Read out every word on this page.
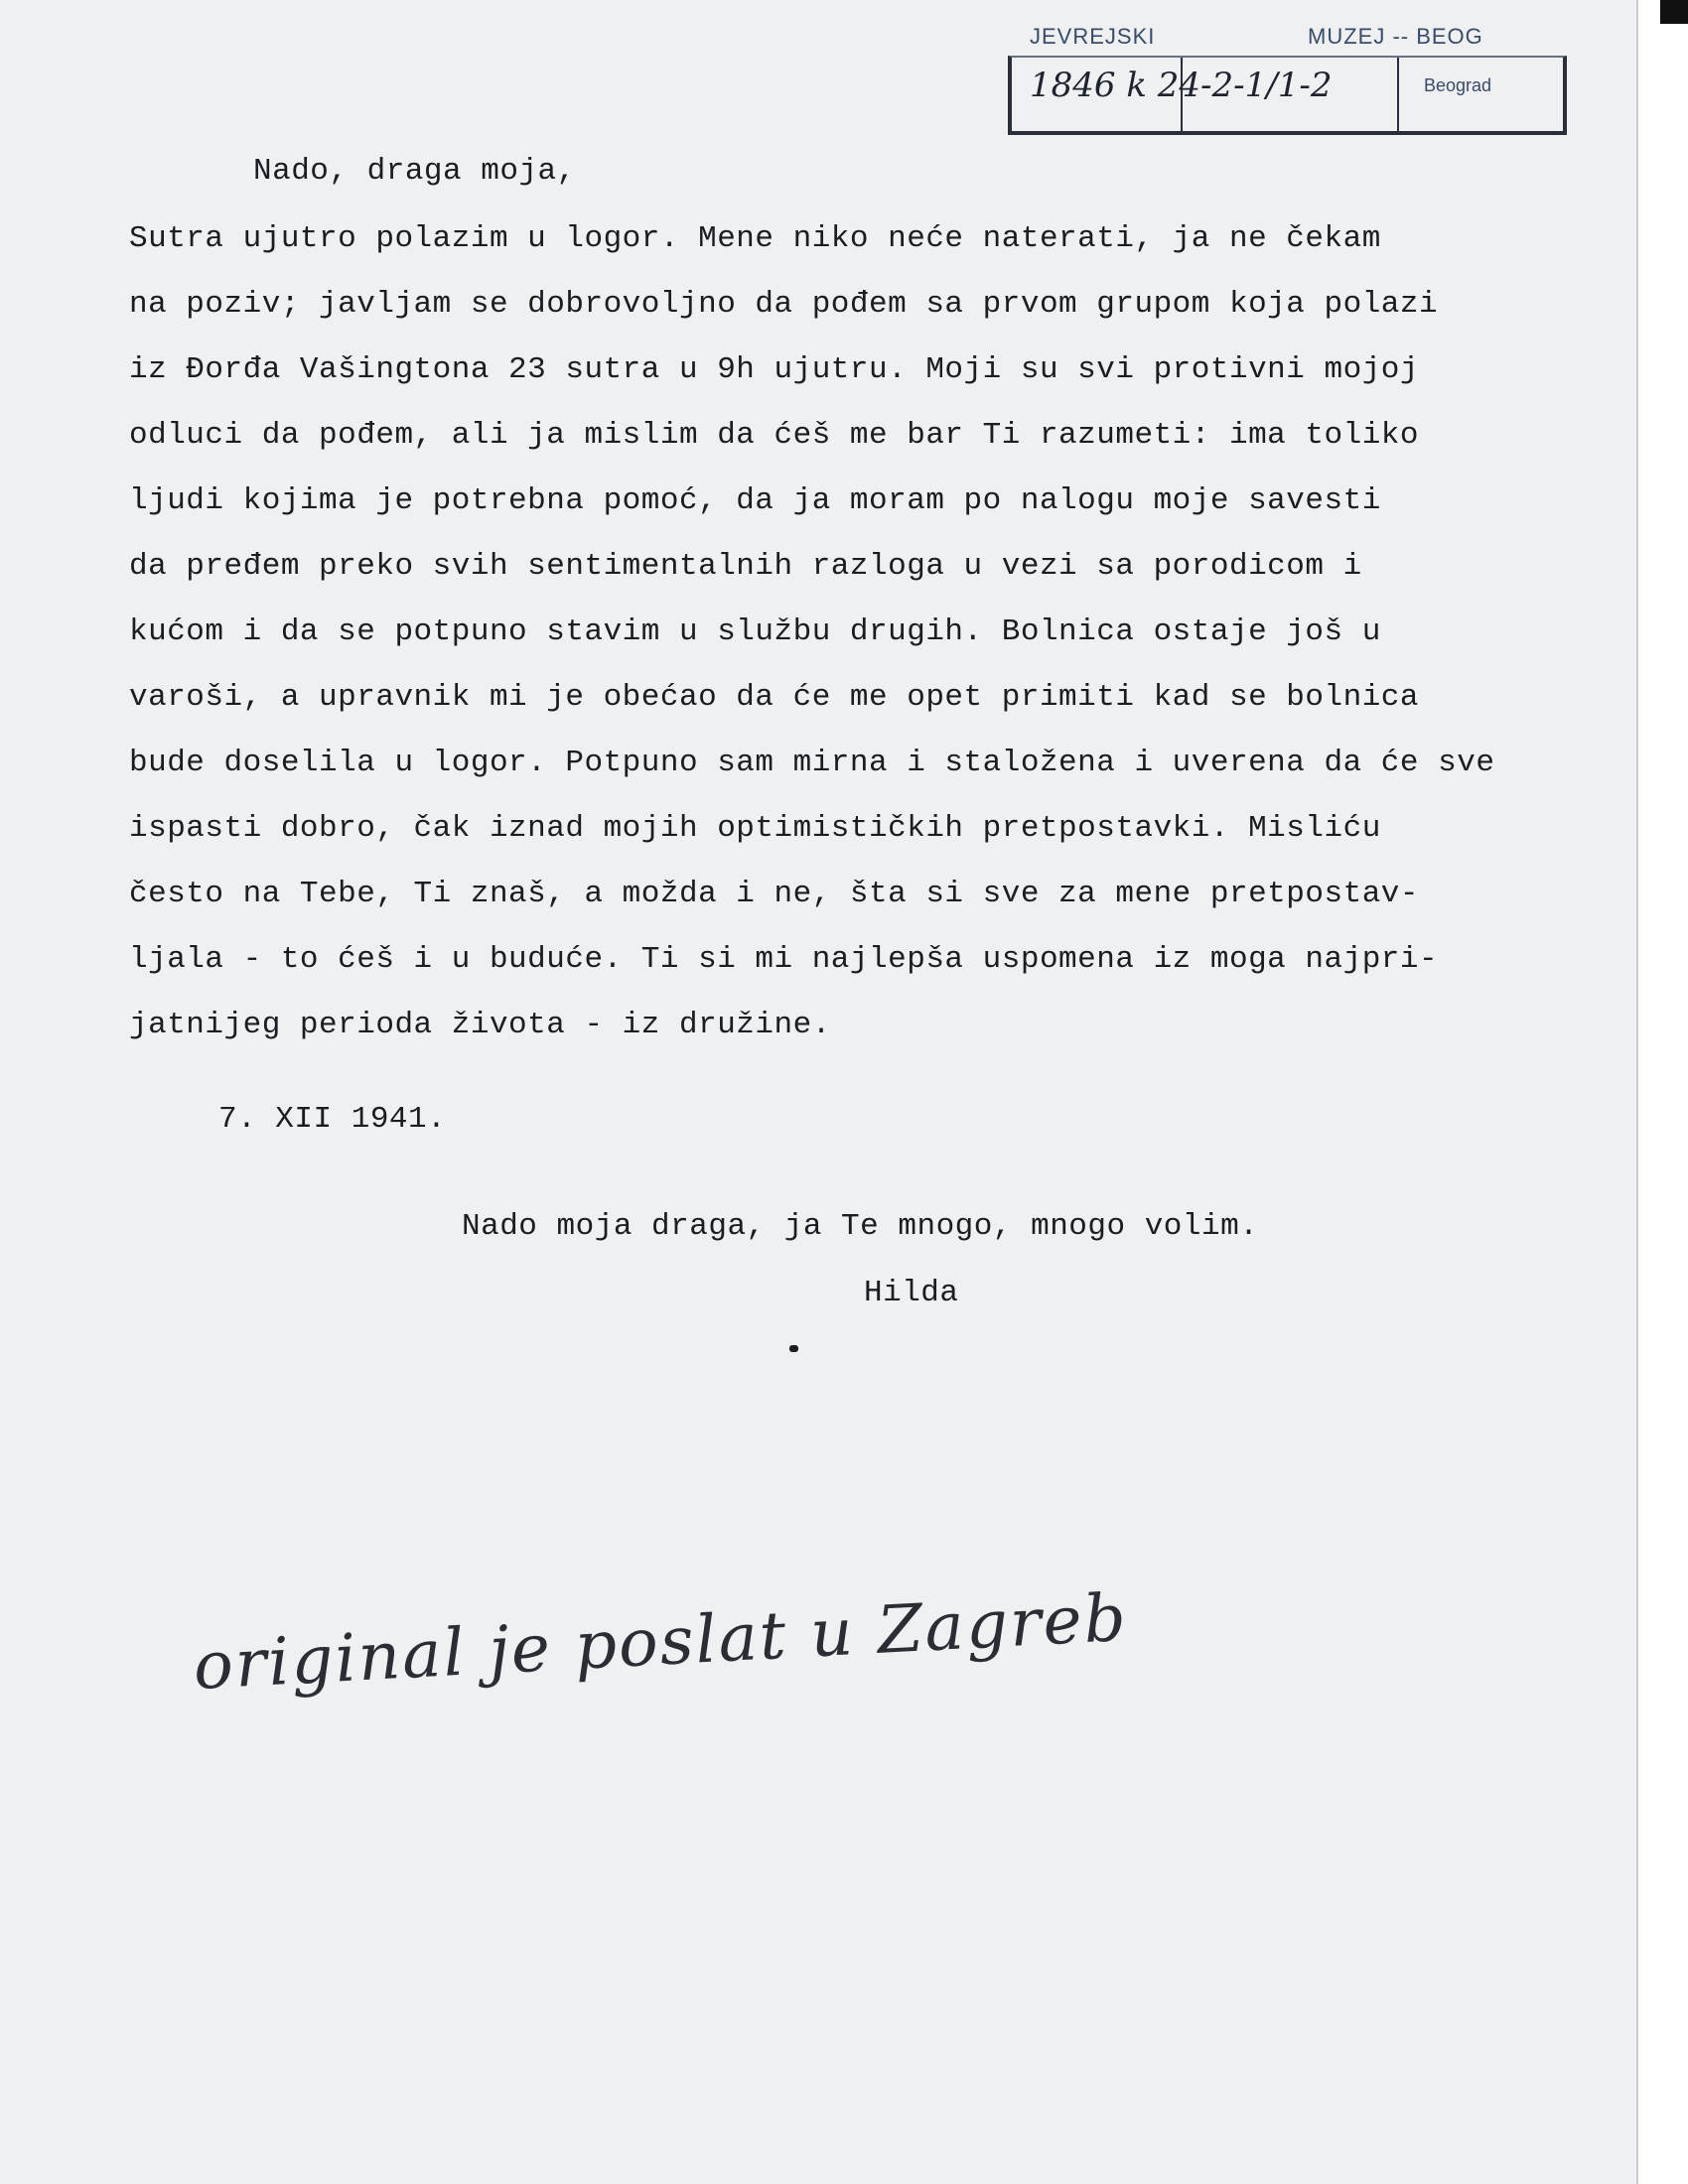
JEVREJSKI	MUZEJ -- BEOG
1846 k 24-2-1/1-2	Beograd
Nado, draga moja,
Sutra ujutro polazim u logor. Mene niko neće naterati, ja ne čekam
na poziv; javljam se dobrovoljno da pođem sa prvom grupom koja polazi
iz Đorđa Vašingtona 23 sutra u 9h ujutru. Moji su svi protivni mojoj
odluci da pođem, ali ja mislim da ćeš me bar Ti razumeti: ima toliko
ljudi kojima je potrebna pomoć, da ja moram po nalogu moje savesti
da pređem preko svih sentimentalnih razloga u vezi sa porodicom i
kućom i da se potpuno stavim u službu drugih. Bolnica ostaje još u
varoši, a upravnik mi je obećao da će me opet primiti kad se bolnica
bude doselila u logor. Potpuno sam mirna i staložena i uverena da će sve
ispasti dobro, čak iznad mojih optimističkih pretpostavki. Misliću
često na Tebe, Ti znaš, a možda i ne, šta si sve za mene pretpostav-
ljala - to ćeš i u buduće. Ti si mi najlepša uspomena iz moga najpri-
jatnijeg perioda života - iz družine.
7. XII 1941.
Nado moja draga, ja Te mnogo, mnogo volim.
Hilda
original je poslat u Zagreb
